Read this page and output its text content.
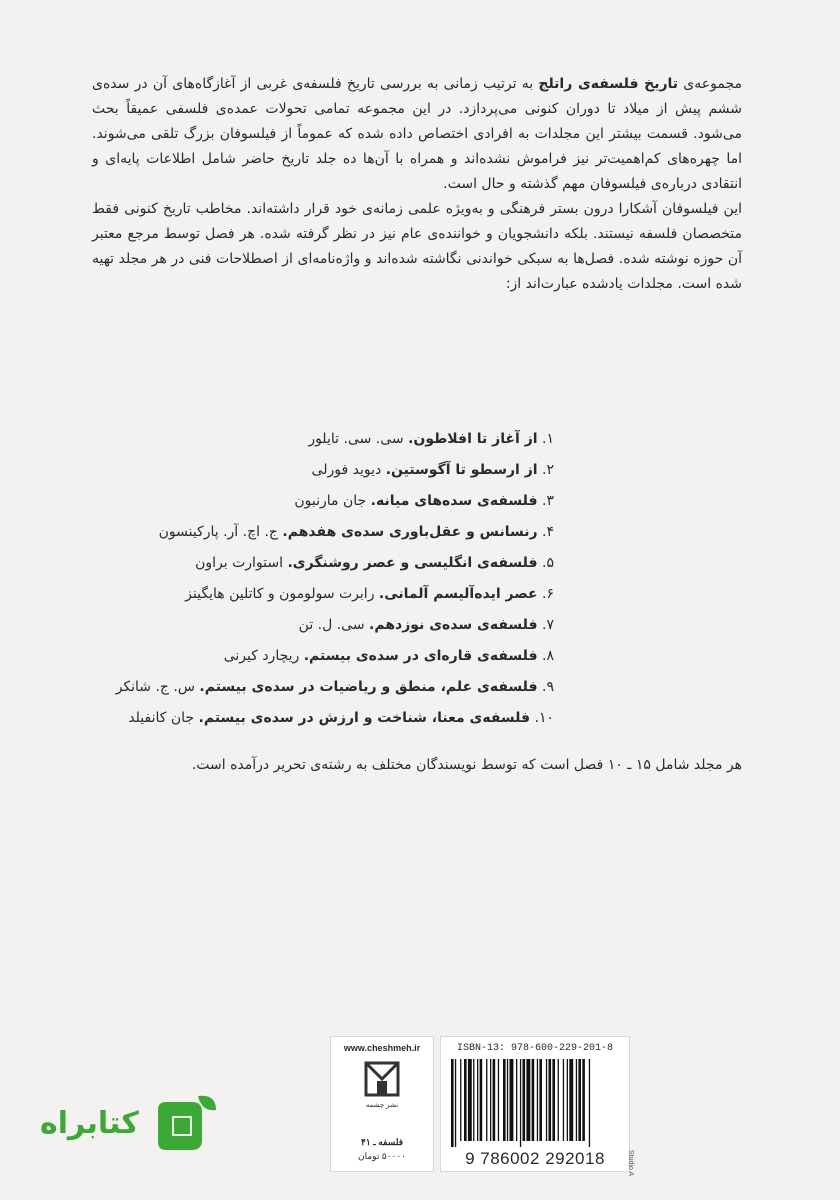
مجموعه‌ی تاریخ فلسفه‌ی راتلج به ترتیب زمانی به بررسی تاریخ فلسفه‌ی غربی از آغازگاه‌های آن در سده‌ی ششم پیش از میلاد تا دوران کنونی می‌پردازد. در این مجموعه تمامی تحولات عمده‌ی فلسفی عمیقاً بحث می‌شود. قسمت بیشتر این مجلدات به افرادی اختصاص داده شده که عموماً از فیلسوفان بزرگ تلقی می‌شوند. اما چهره‌های کم‌اهمیت‌تر نیز فراموش نشده‌اند و همراه با آن‌ها ده جلد تاریخ حاضر شامل اطلاعات پایه‌ای و انتقادی درباره‌ی فیلسوفان مهم گذشته و حال است.

این فیلسوفان آشکارا درون بستر فرهنگی و به‌ویژه علمی زمانه‌ی خود قرار داشته‌اند. مخاطب تاریخ کنونی فقط متخصصان فلسفه نیستند. بلکه دانشجویان و خواننده‌ی عام نیز در نظر گرفته شده. هر فصل توسط مرجع معتبر آن حوزه نوشته شده. فصل‌ها به سبکی خواندنی نگاشته شده‌اند و واژه‌نامه‌ای از اصطلاحات فنی در هر مجلد تهیه شده است. مجلدات یادشده عبارت‌اند از:

۱. از آغاز تا افلاطون. سی. سی. تایلور
۲. از ارسطو تا آگوستین. دیوید فورلی
۳. فلسفه‌ی سده‌های میانه. جان مارنبون
۴. رنسانس و عقل‌باوری سده‌ی هفدهم. ج. اچ. آر. پارکینسون
۵. فلسفه‌ی انگلیسی و عصر روشنگری. استوارت براون
۶. عصر ایده‌آلیسم آلمانی. رابرت سولومون و کاتلین هایگینز
۷. فلسفه‌ی سده‌ی نوزدهم. سی. ل. تن
۸. فلسفه‌ی قاره‌ای در سده‌ی بیستم. ریچارد کیرنی
۹. فلسفه‌ی علم، منطق و ریاضیات در سده‌ی بیستم. س. ج. شانکر
۱۰. فلسفه‌ی معنا، شناخت و ارزش در سده‌ی بیستم. جان کانفیلد

هر مجلد شامل ۱۵ ـ ۱۰ فصل است که توسط نویسندگان مختلف به رشته‌ی تحریر درآمده است.

www.cheshmeh.ir
نشر چشمه
فلسفه ـ ۴۱
۵۰۰۰۰ تومان
ISBN-13: 978-600-229-201-8
9 786002 292018	Studio A
کتابراه
